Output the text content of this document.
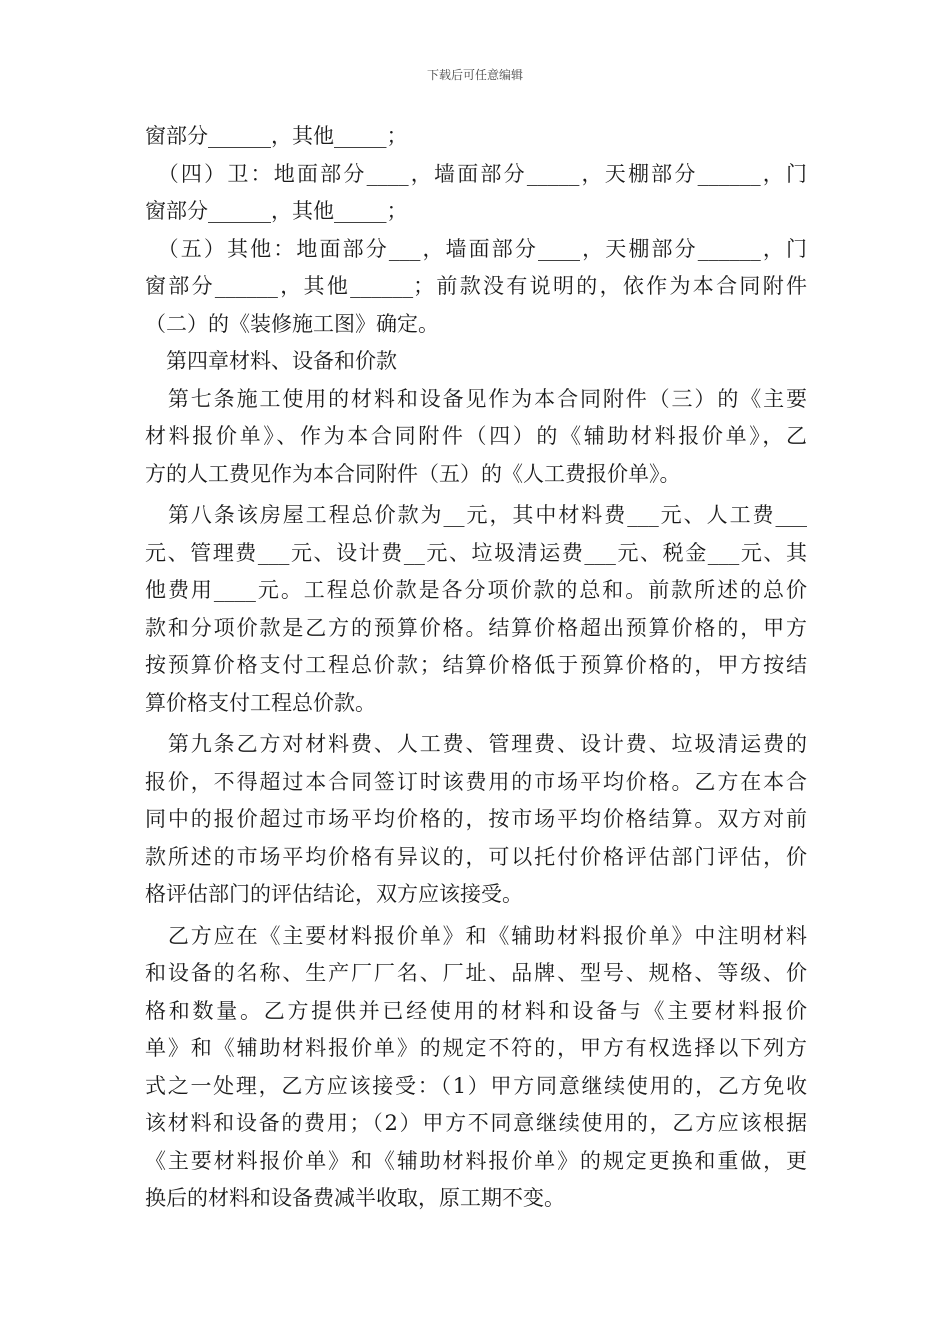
下载后可任意编辑
窗部分______，其他_____；
　（四）卫：地面部分____，墙面部分_____，天棚部分______，门
窗部分______，其他_____；
　（五）其他：地面部分___，墙面部分____，天棚部分______，门
窗部分______，其他______；前款没有说明的，依作为本合同附件
（二）的《装修施工图》确定。
　第四章材料、设备和价款
　第七条施工使用的材料和设备见作为本合同附件（三）的《主要
材料报价单》、作为本合同附件（四）的《辅助材料报价单》，乙
方的人工费见作为本合同附件（五）的《人工费报价单》。
　第八条该房屋工程总价款为__元，其中材料费___元、人工费___
元、管理费___元、设计费__元、垃圾清运费___元、税金___元、其
他费用____元。工程总价款是各分项价款的总和。前款所述的总价
款和分项价款是乙方的预算价格。结算价格超出预算价格的，甲方
按预算价格支付工程总价款；结算价格低于预算价格的，甲方按结
算价格支付工程总价款。
　第九条乙方对材料费、人工费、管理费、设计费、垃圾清运费的
报价，不得超过本合同签订时该费用的市场平均价格。乙方在本合
同中的报价超过市场平均价格的，按市场平均价格结算。双方对前
款所述的市场平均价格有异议的，可以托付价格评估部门评估，价
格评估部门的评估结论，双方应该接受。
　乙方应在《主要材料报价单》和《辅助材料报价单》中注明材料
和设备的名称、生产厂厂名、厂址、品牌、型号、规格、等级、价
格和数量。乙方提供并已经使用的材料和设备与《主要材料报价
单》和《辅助材料报价单》的规定不符的，甲方有权选择以下列方
式之一处理，乙方应该接受：（1）甲方同意继续使用的，乙方免收
该材料和设备的费用；（2）甲方不同意继续使用的，乙方应该根据
《主要材料报价单》和《辅助材料报价单》的规定更换和重做，更
换后的材料和设备费减半收取，原工期不变。
